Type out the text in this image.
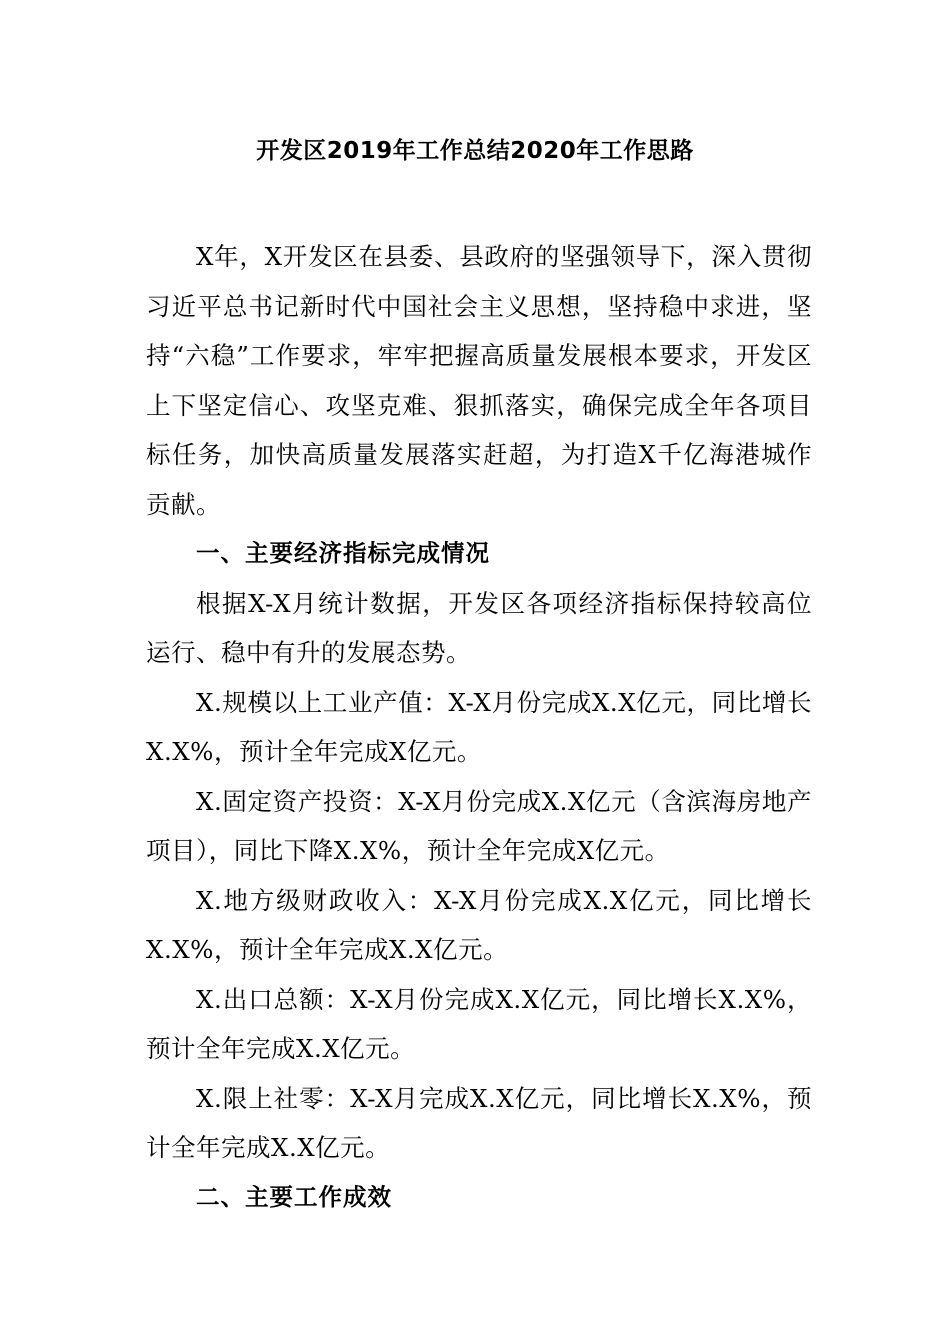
开发区2019年工作总结2020年工作思路

X年，X开发区在县委、县政府的坚强领导下，深入贯彻习近平总书记新时代中国社会主义思想，坚持稳中求进，坚持“六稳”工作要求，牢牢把握高质量发展根本要求，开发区上下坚定信心、攻坚克难、狠抓落实，确保完成全年各项目标任务，加快高质量发展落实赶超，为打造X千亿海港城作贡献。

一、主要经济指标完成情况

根据X-X月统计数据，开发区各项经济指标保持较高位运行、稳中有升的发展态势。

X.规模以上工业产值：X-X月份完成X.X亿元，同比增长X.X%，预计全年完成X亿元。

X.固定资产投资：X-X月份完成X.X亿元（含滨海房地产项目），同比下降X.X%，预计全年完成X亿元。

X.地方级财政收入：X-X月份完成X.X亿元，同比增长X.X%，预计全年完成X.X亿元。

X.出口总额：X-X月份完成X.X亿元，同比增长X.X%，预计全年完成X.X亿元。

X.限上社零：X-X月完成X.X亿元，同比增长X.X%，预计全年完成X.X亿元。

二、主要工作成效
